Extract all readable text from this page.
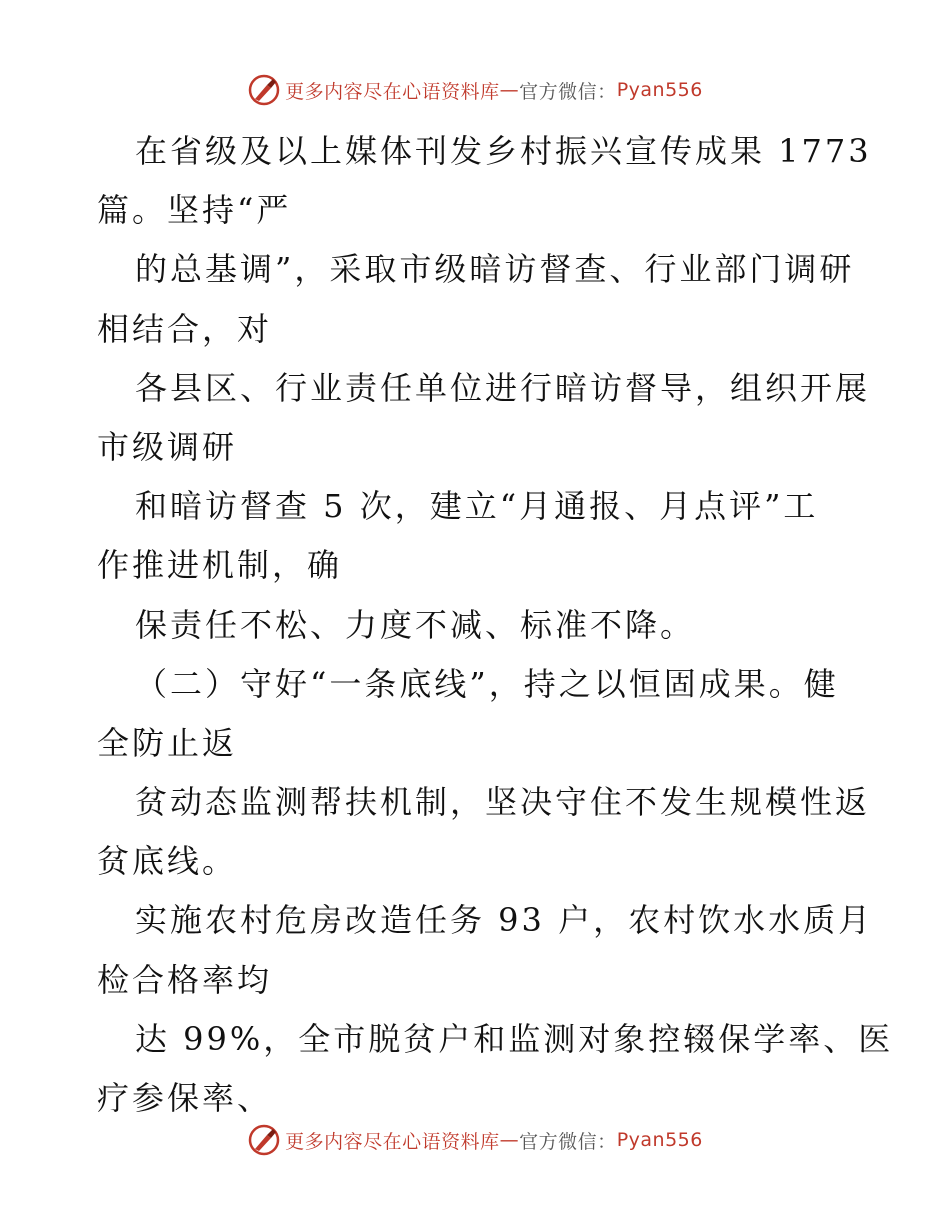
更多内容尽在心语资料库 — 官方微信： Pyan556
在省级及以上媒体刊发乡村振兴宣传成果 1773
篇。坚持“严
的总基调”，采取市级暗访督查、行业部门调研
相结合，对
各县区、行业责任单位进行暗访督导，组织开展
市级调研
和暗访督查 5 次，建立“月通报、月点评”工
作推进机制，确
保责任不松、力度不减、标准不降。
（二）守好“一条底线”，持之以恒固成果。健
全防止返
贫动态监测帮扶机制，坚决守住不发生规模性返
贫底线。
实施农村危房改造任务 93 户，农村饮水水质月
检合格率均
达 99%，全市脱贫户和监测对象控辍保学率、医
疗参保率、
更多内容尽在心语资料库 — 官方微信： Pyan556
